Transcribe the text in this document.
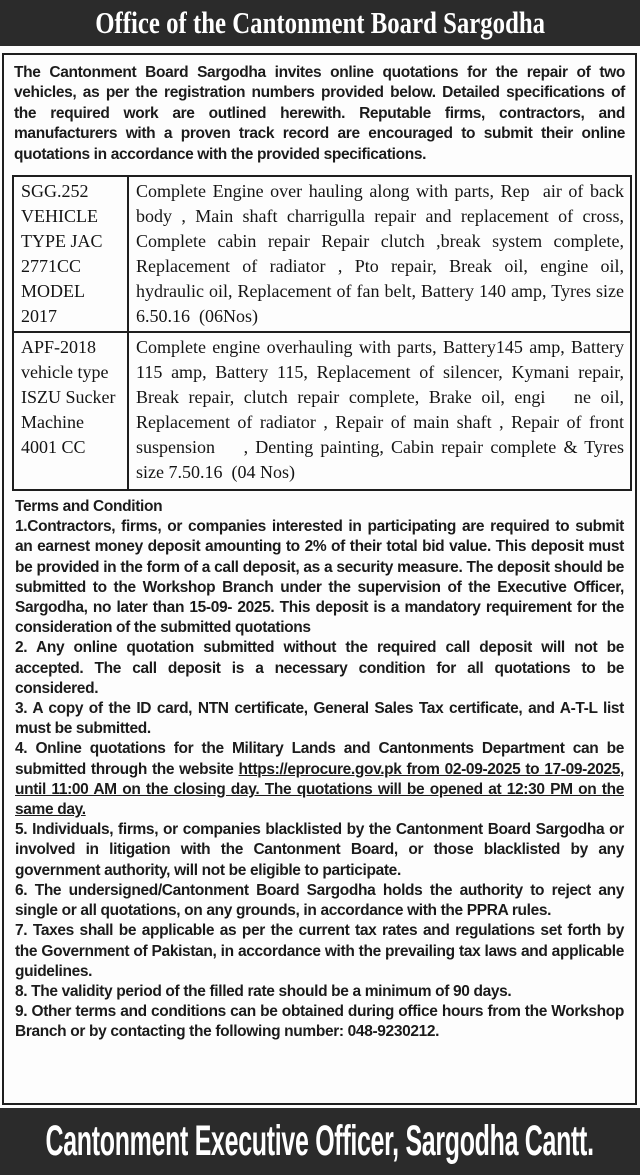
Office of the Cantonment Board Sargodha

The Cantonment Board Sargodha invites online quotations for the repair of two vehicles, as per the registration numbers provided below. Detailed specifications of the required work are outlined herewith. Reputable firms, contractors, and manufacturers with a proven track record are encouraged to submit their online quotations in accordance with the provided specifications.

SGG.252 VEHICLE TYPE JAC 2771CC MODEL 2017	Complete Engine over hauling along with parts, Rep  air of back body , Main shaft charrigulla repair and replacement of cross, Complete cabin repair Repair clutch ,break system complete, Replacement of radiator , Pto repair, Break oil, engine oil, hydraulic oil, Replacement of fan belt, Battery 140 amp, Tyres size 6.50.16  (06Nos)
APF-2018 vehicle type ISZU Sucker Machine 4001 CC	Complete engine overhauling with parts, Battery145 amp, Battery 115 amp, Battery 115, Replacement of silencer, Kymani repair, Break repair, clutch repair complete, Brake oil, engi   ne oil, Replacement of radiator , Repair of main shaft , Repair of front suspension    , Denting painting, Cabin repair complete & Tyres size 7.50.16  (04 Nos)

Terms and Condition

1.Contractors, firms, or companies interested in participating are required to submit an earnest money deposit amounting to 2% of their total bid value. This deposit must be provided in the form of a call deposit, as a security measure. The deposit should be submitted to the Workshop Branch under the supervision of the Executive Officer, Sargodha, no later than 15-09- 2025. This deposit is a mandatory requirement for the consideration of the submitted quotations

2. Any online quotation submitted without the required call deposit will not be accepted. The call deposit is a necessary condition for all quotations to be considered.

3. A copy of the ID card, NTN certificate, General Sales Tax certificate, and A-T-L list must be submitted.

4. Online quotations for the Military Lands and Cantonments Department can be submitted through the website https://eprocure.gov.pk from 02-09-2025 to 17-09-2025, until 11:00 AM on the closing day. The quotations will be opened at 12:30 PM on the same day.

5. Individuals, firms, or companies blacklisted by the Cantonment Board Sargodha or involved in litigation with the Cantonment Board, or those blacklisted by any government authority, will not be eligible to participate.

6. The undersigned/Cantonment Board Sargodha holds the authority to reject any single or all quotations, on any grounds, in accordance with the PPRA rules.

7. Taxes shall be applicable as per the current tax rates and regulations set forth by the Government of Pakistan, in accordance with the prevailing tax laws and applicable guidelines.

8. The validity period of the filled rate should be a minimum of 90 days.

9. Other terms and conditions can be obtained during office hours from the Workshop Branch or by contacting the following number: 048-9230212.

Cantonment Executive Officer, Sargodha Cantt.
